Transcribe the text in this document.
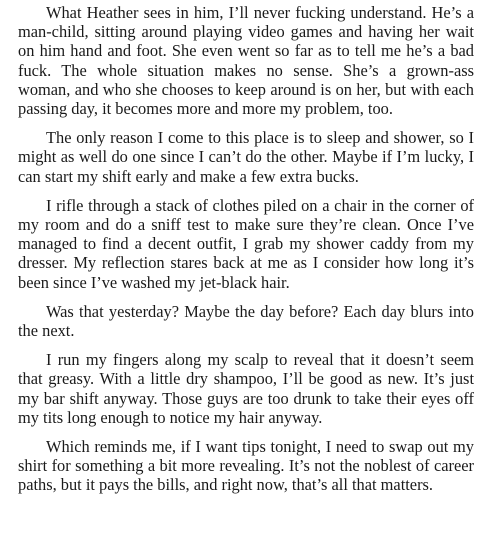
What Heather sees in him, I’ll never fucking understand. He’s a man-child, sitting around playing video games and having her wait on him hand and foot. She even went so far as to tell me he’s a bad fuck. The whole situation makes no sense. She’s a grown-ass woman, and who she chooses to keep around is on her, but with each passing day, it becomes more and more my problem, too.

The only reason I come to this place is to sleep and shower, so I might as well do one since I can’t do the other. Maybe if I’m lucky, I can start my shift early and make a few extra bucks.

I rifle through a stack of clothes piled on a chair in the corner of my room and do a sniff test to make sure they’re clean. Once I’ve managed to find a decent outfit, I grab my shower caddy from my dresser. My reflection stares back at me as I consider how long it’s been since I’ve washed my jet-black hair.

Was that yesterday? Maybe the day before? Each day blurs into the next.

I run my fingers along my scalp to reveal that it doesn’t seem that greasy. With a little dry shampoo, I’ll be good as new. It’s just my bar shift anyway. Those guys are too drunk to take their eyes off my tits long enough to notice my hair anyway.

Which reminds me, if I want tips tonight, I need to swap out my shirt for something a bit more revealing. It’s not the noblest of career paths, but it pays the bills, and right now, that’s all that matters.
